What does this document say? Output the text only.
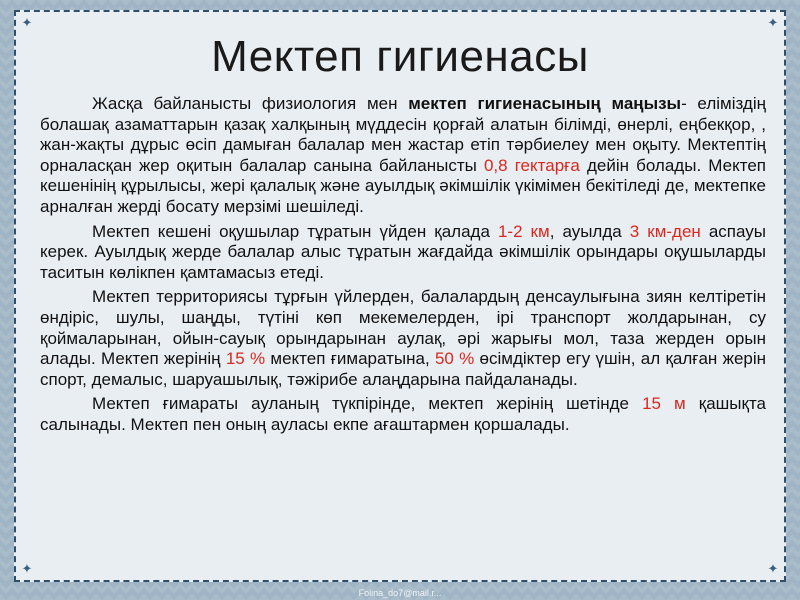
✦	✦
✦	✦
Мектеп гигиенасы

Жасқа байланысты физиология мен мектеп гигиенасының маңызы- еліміздің болашақ азаматтарын қазақ халқының мүддесін қорғай алатын білімді, өнерлі, еңбекқор, , жан-жақты дұрыс өсіп дамыған балалар мен жастар етіп тәрбиелеу мен оқыту. Мектептің орналасқан жер оқитын балалар санына байланысты 0,8 гектарға дейін болады. Мектеп кешенінің құрылысы, жері қалалық және ауылдық әкімшілік үкімімен бекітіледі де, мектепке арналған жерді босату мерзімі шешіледі.

Мектеп кешені оқушылар тұратын үйден қалада 1-2 км, ауылда 3 км-ден аспауы керек. Ауылдық жерде балалар алыс тұратын жағдайда әкімшілік орындары оқушыларды таситын көлікпен қамтамасыз етеді.

Мектеп территориясы тұрғын үйлерден, балалардың денсаулығына зиян келтіретін өндіріс, шулы, шаңды, түтіні көп мекемелерден, ірі транспорт жолдарынан, су қоймаларынан, ойын-сауық орындарынан аулақ, әрі жарығы мол, таза жерден орын алады. Мектеп жерінің 15 % мектеп ғимаратына, 50 % өсімдіктер егу үшін, ал қалған жерін спорт, демалыс, шаруашылық, тәжірибе алаңдарына пайдаланады.

Мектеп ғимараты ауланың түкпірінде, мектеп жерінің шетінде 15 м қашықта салынады. Мектеп пен оның ауласы екпе ағаштармен қоршалады.

Folina_do7@mail.r...
